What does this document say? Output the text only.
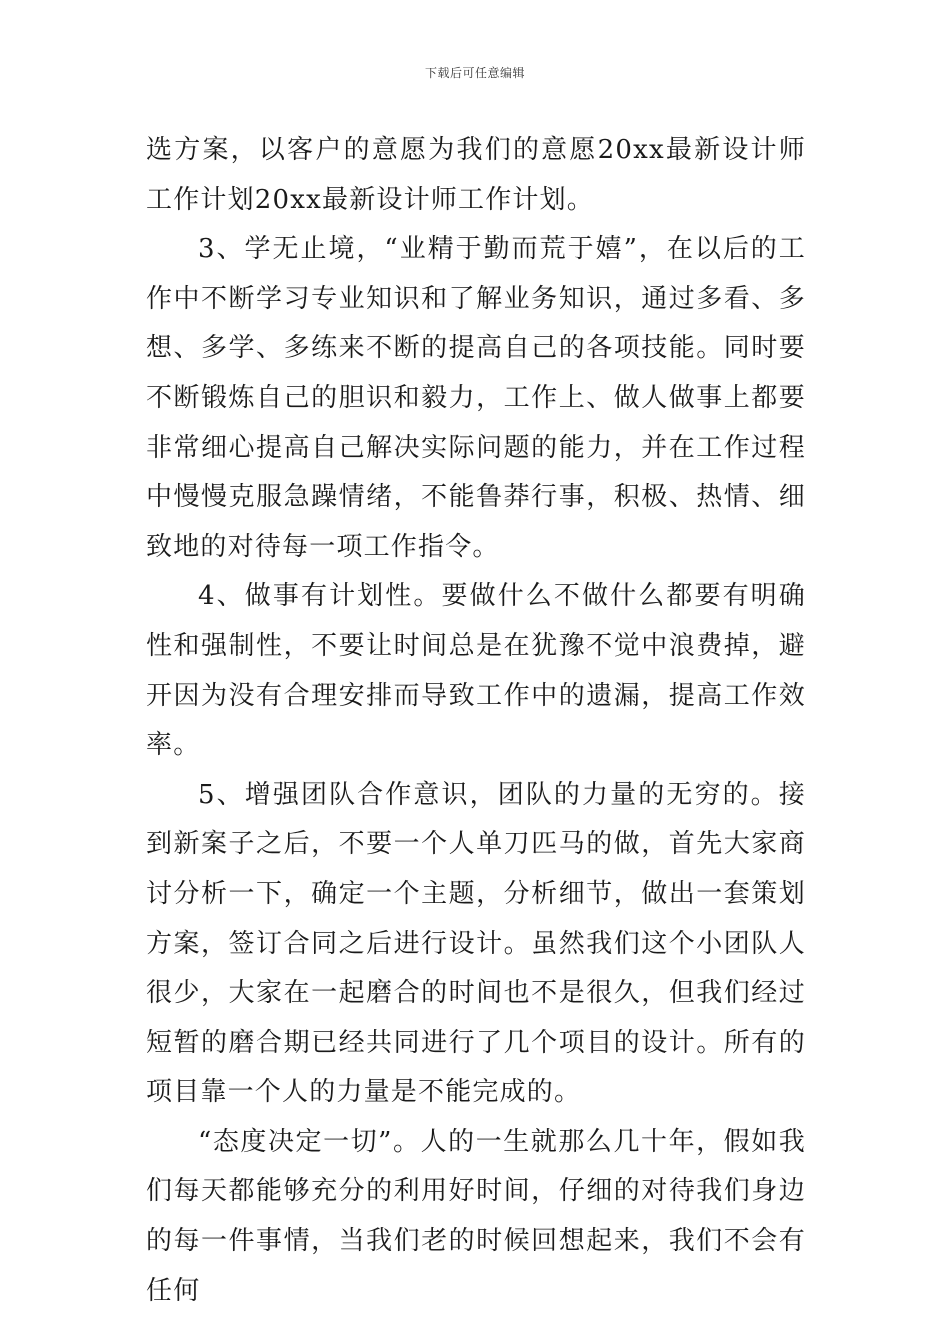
下载后可任意编辑

选方案，以客户的意愿为我们的意愿20xx最新设计师工作计划20xx最新设计师工作计划。

3、学无止境，“业精于勤而荒于嬉”，在以后的工作中不断学习专业知识和了解业务知识，通过多看、多想、多学、多练来不断的提高自己的各项技能。同时要不断锻炼自己的胆识和毅力，工作上、做人做事上都要非常细心提高自己解决实际问题的能力，并在工作过程中慢慢克服急躁情绪，不能鲁莽行事，积极、热情、细致地的对待每一项工作指令。

4、做事有计划性。要做什么不做什么都要有明确性和强制性，不要让时间总是在犹豫不觉中浪费掉，避开因为没有合理安排而导致工作中的遗漏，提高工作效率。

5、增强团队合作意识，团队的力量的无穷的。接到新案子之后，不要一个人单刀匹马的做，首先大家商讨分析一下，确定一个主题，分析细节，做出一套策划方案，签订合同之后进行设计。虽然我们这个小团队人很少，大家在一起磨合的时间也不是很久，但我们经过短暂的磨合期已经共同进行了几个项目的设计。所有的项目靠一个人的力量是不能完成的。

“态度决定一切”。人的一生就那么几十年，假如我们每天都能够充分的利用好时间，仔细的对待我们身边的每一件事情，当我们老的时候回想起来，我们不会有任何
